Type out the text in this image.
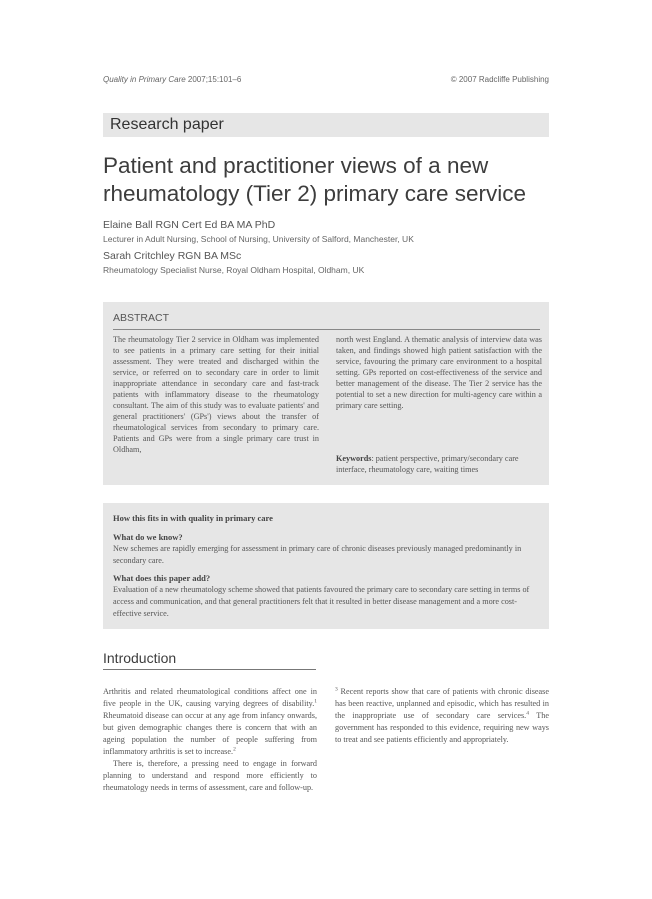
Quality in Primary Care 2007;15:101–6	© 2007 Radcliffe Publishing
Research paper
Patient and practitioner views of a new rheumatology (Tier 2) primary care service
Elaine Ball RGN Cert Ed BA MA PhD
Lecturer in Adult Nursing, School of Nursing, University of Salford, Manchester, UK
Sarah Critchley RGN BA MSc
Rheumatology Specialist Nurse, Royal Oldham Hospital, Oldham, UK
ABSTRACT
The rheumatology Tier 2 service in Oldham was implemented to see patients in a primary care setting for their initial assessment. They were treated and discharged within the service, or referred on to secondary care in order to limit inappropriate attendance in secondary care and fast-track patients with inflammatory disease to the rheumatology consultant. The aim of this study was to evaluate patients' and general practitioners' (GPs') views about the transfer of rheumatological services from secondary to primary care. Patients and GPs were from a single primary care trust in Oldham,
north west England. A thematic analysis of interview data was taken, and findings showed high patient satisfaction with the service, favouring the primary care environment to a hospital setting. GPs reported on cost-effectiveness of the service and better management of the disease. The Tier 2 service has the potential to set a new direction for multi-agency care within a primary care setting.
Keywords: patient perspective, primary/secondary care interface, rheumatology care, waiting times
How this fits in with quality in primary care
What do we know?
New schemes are rapidly emerging for assessment in primary care of chronic diseases previously managed predominantly in secondary care.
What does this paper add?
Evaluation of a new rheumatology scheme showed that patients favoured the primary care to secondary care setting in terms of access and communication, and that general practitioners felt that it resulted in better disease management and a more cost-effective service.
Introduction

Arthritis and related rheumatological conditions affect one in five people in the UK, causing varying degrees of disability.$^1$ Rheumatoid disease can occur at any age from infancy onwards, but given demographic changes there is concern that with an ageing population the number of people suffering from inflammatory arthritis is set to increase.$^2$

There is, therefore, a pressing need to engage in forward planning to understand and respond more efficiently to rheumatology needs in terms of assessment, care and follow-up.

$^3$ Recent reports show that care of patients with chronic disease has been reactive, unplanned and episodic, which has resulted in the inappropriate use of secondary care services.$^4$ The government has responded to this evidence, requiring new ways to treat and see patients efficiently and appropriately.
